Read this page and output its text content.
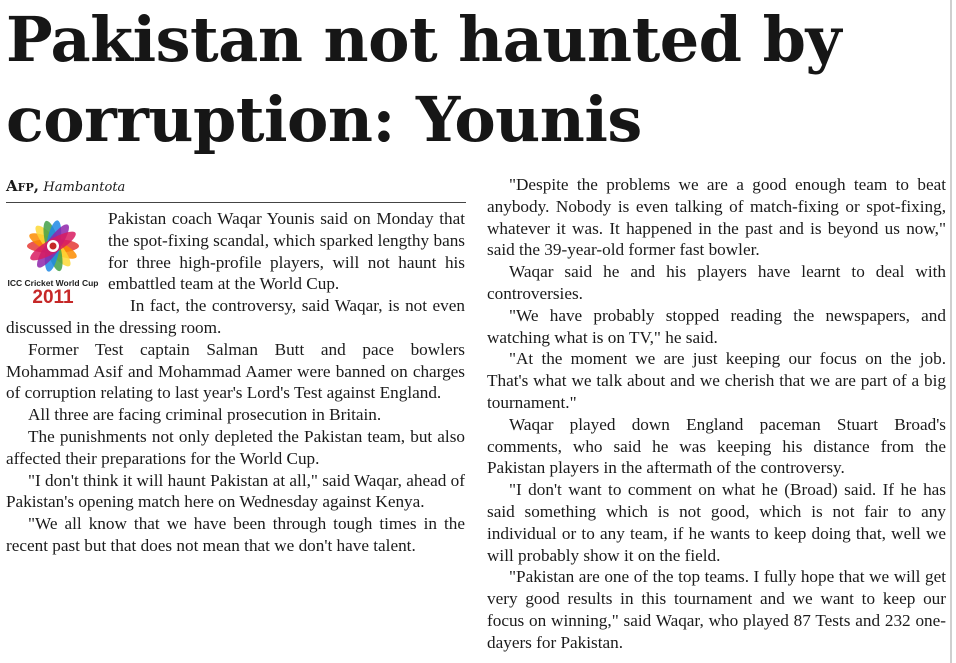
Pakistan not haunted by corruption: Younis
Afp, Hambantota
ICC Cricket World Cup
2011

Pakistan coach Waqar Younis said on Monday that the spot-fixing scandal, which sparked lengthy bans for three high-profile players, will not haunt his embattled team at the World Cup.

In fact, the controversy, said Waqar, is not even discussed in the dressing room.

Former Test captain Salman Butt and pace bowlers Mohammad Asif and Mohammad Aamer were banned on charges of corruption relating to last year's Lord's Test against England.

All three are facing criminal prosecution in Britain.

The punishments not only depleted the Pakistan team, but also affected their preparations for the World Cup.

"I don't think it will haunt Pakistan at all," said Waqar, ahead of Pakistan's opening match here on Wednesday against Kenya.

"We all know that we have been through tough times in the recent past but that does not mean that we don't have talent.

"Despite the problems we are a good enough team to beat anybody. Nobody is even talking of match-fixing or spot-fixing, whatever it was. It happened in the past and is beyond us now," said the 39-year-old former fast bowler.

Waqar said he and his players have learnt to deal with controversies.

"We have probably stopped reading the newspapers, and watching what is on TV," he said.

"At the moment we are just keeping our focus on the job. That's what we talk about and we cherish that we are part of a big tournament."

Waqar played down England paceman Stuart Broad's comments, who said he was keeping his distance from the Pakistan players in the aftermath of the controversy.

"I don't want to comment on what he (Broad) said. If he has said something which is not good, which is not fair to any individual or to any team, if he wants to keep doing that, well we will probably show it on the field.

"Pakistan are one of the top teams. I fully hope that we will get very good results in this tournament and we want to keep our focus on winning," said Waqar, who played 87 Tests and 232 one-dayers for Pakistan.
